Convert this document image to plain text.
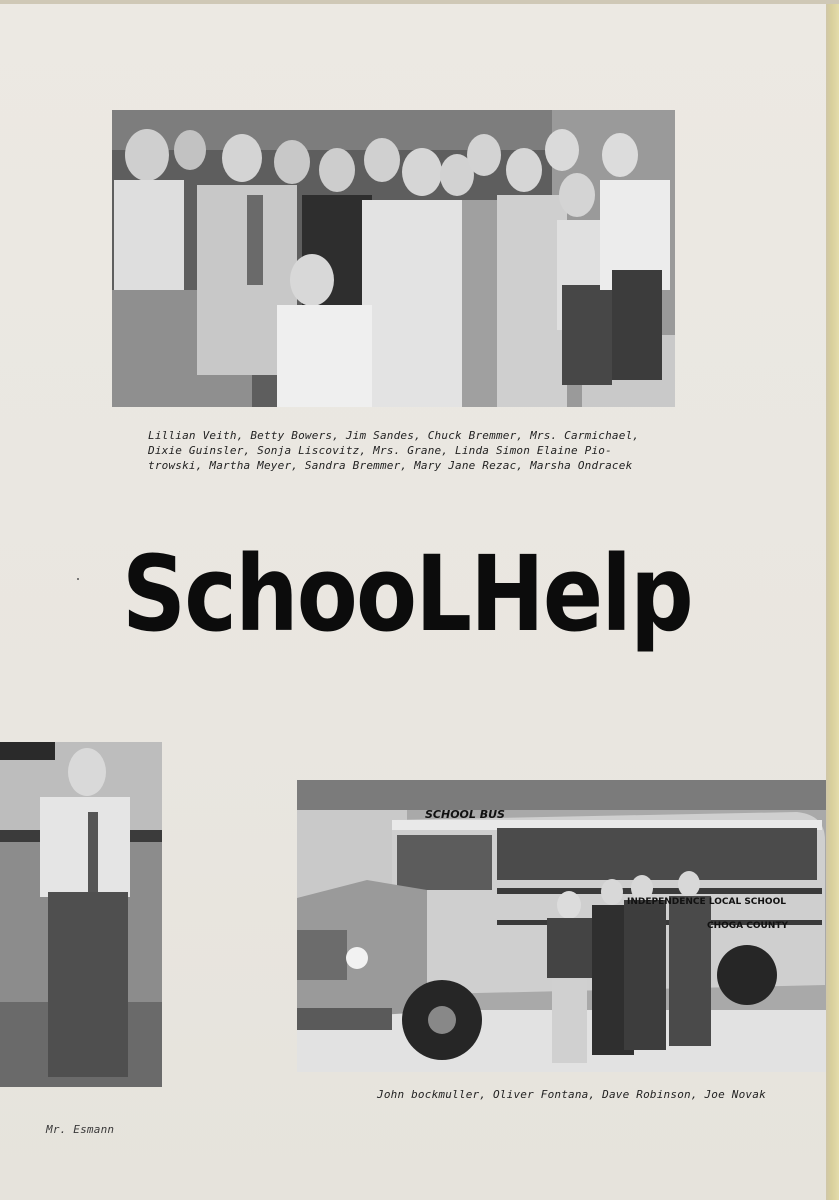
Lillian Veith, Betty Bowers, Jim Sandes, Chuck Bremmer, Mrs. Carmichael,
Dixie Guinsler, Sonja Liscovitz, Mrs. Grane, Linda Simon Elaine Pio-
trowski, Martha Meyer, Sandra Bremmer, Mary Jane Rezac, Marsha Ondracek
SchooLHelp
Mr. Esmann
SCHOOL BUS
INDEPENDENCE LOCAL SCHOOL
CHOGA COUNTY
John bockmuller, Oliver Fontana, Dave Robinson, Joe Novak
